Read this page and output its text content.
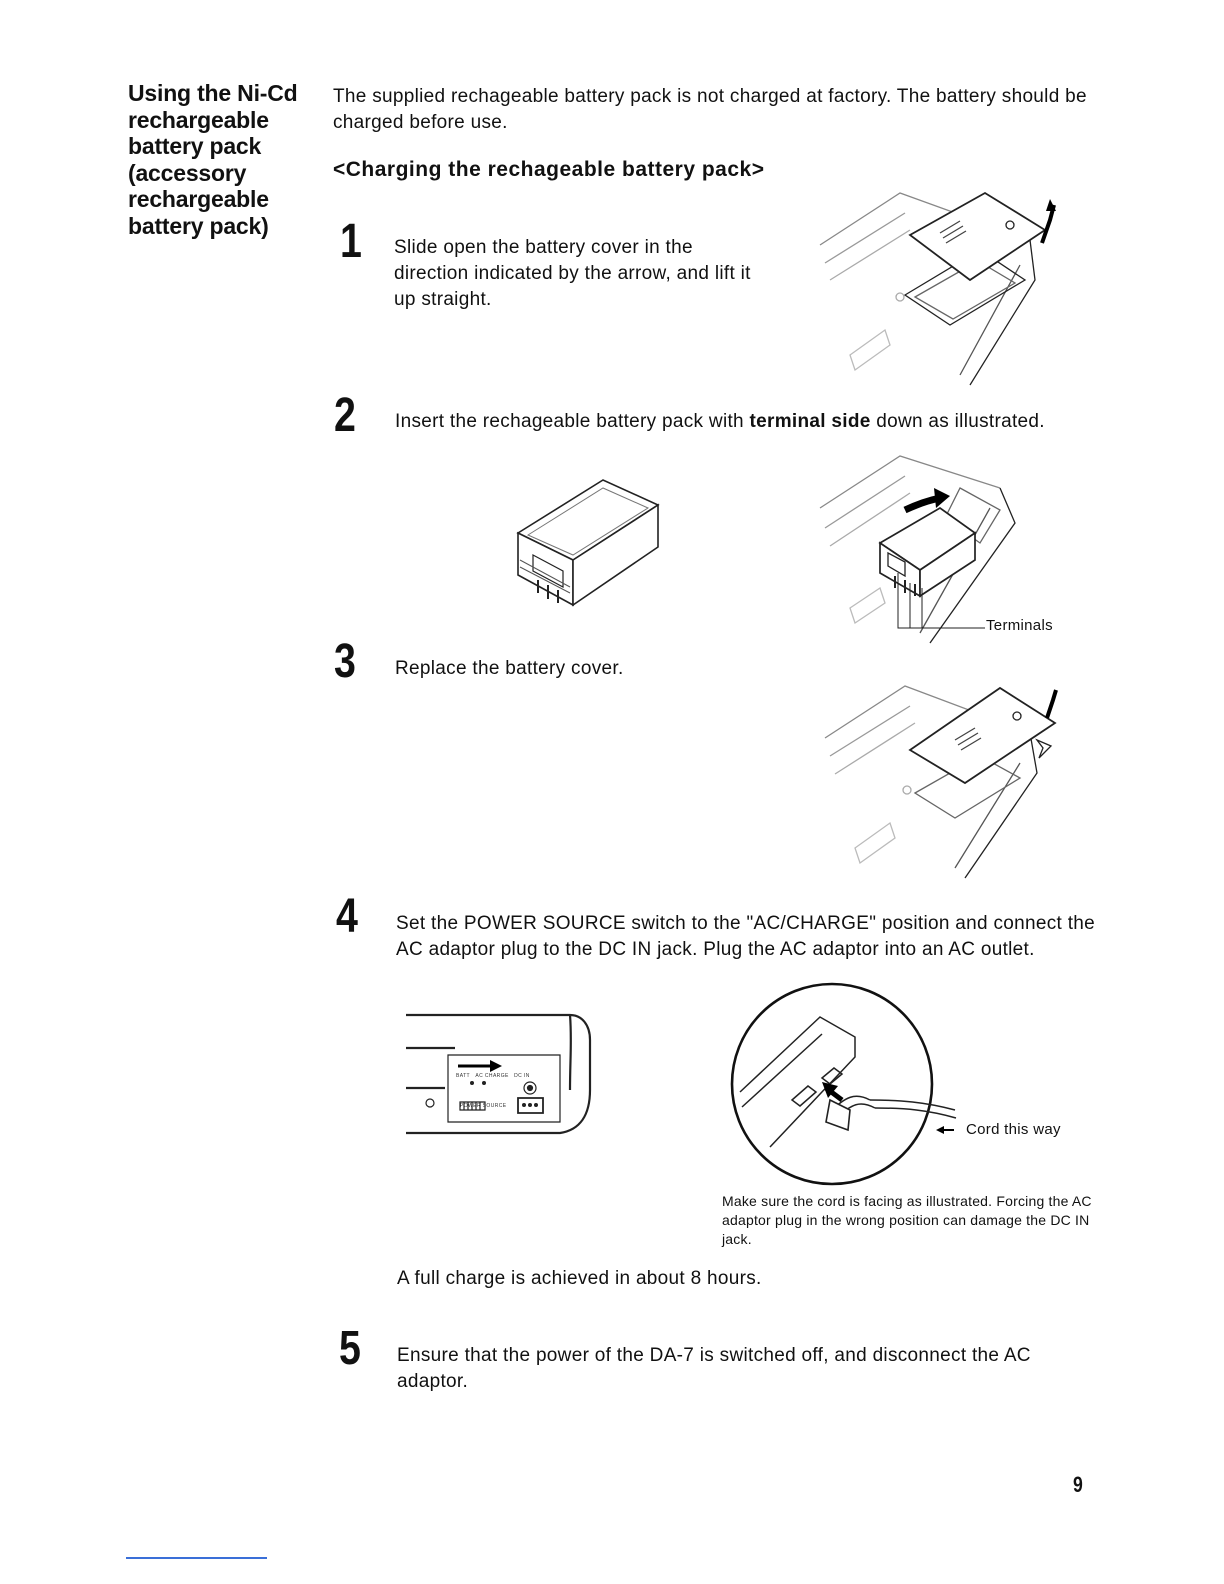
Using the Ni-Cd rechargeable battery pack (accessory rechargeable battery pack)
The supplied rechageable battery pack is not charged at factory. The battery should be charged before use.
<Charging the rechageable battery pack>
1 Slide open the battery cover in the direction indicated by the arrow, and lift it up straight.
2 Insert the rechageable battery pack with terminal side down as illustrated.
Terminals
3 Replace the battery cover.
4 Set the POWER SOURCE switch to the "AC/CHARGE" position and connect the AC adaptor plug to the DC IN jack. Plug the AC adaptor into an AC outlet.
BATT AC CHARGE DC IN
POWER SOURCE
Cord this way
Make sure the cord is facing as illustrated. Forcing the AC adaptor plug in the wrong position can damage the DC IN jack.
A full charge is achieved in about 8 hours.
5 Ensure that the power of the DA-7 is switched off, and disconnect the AC adaptor.
9
